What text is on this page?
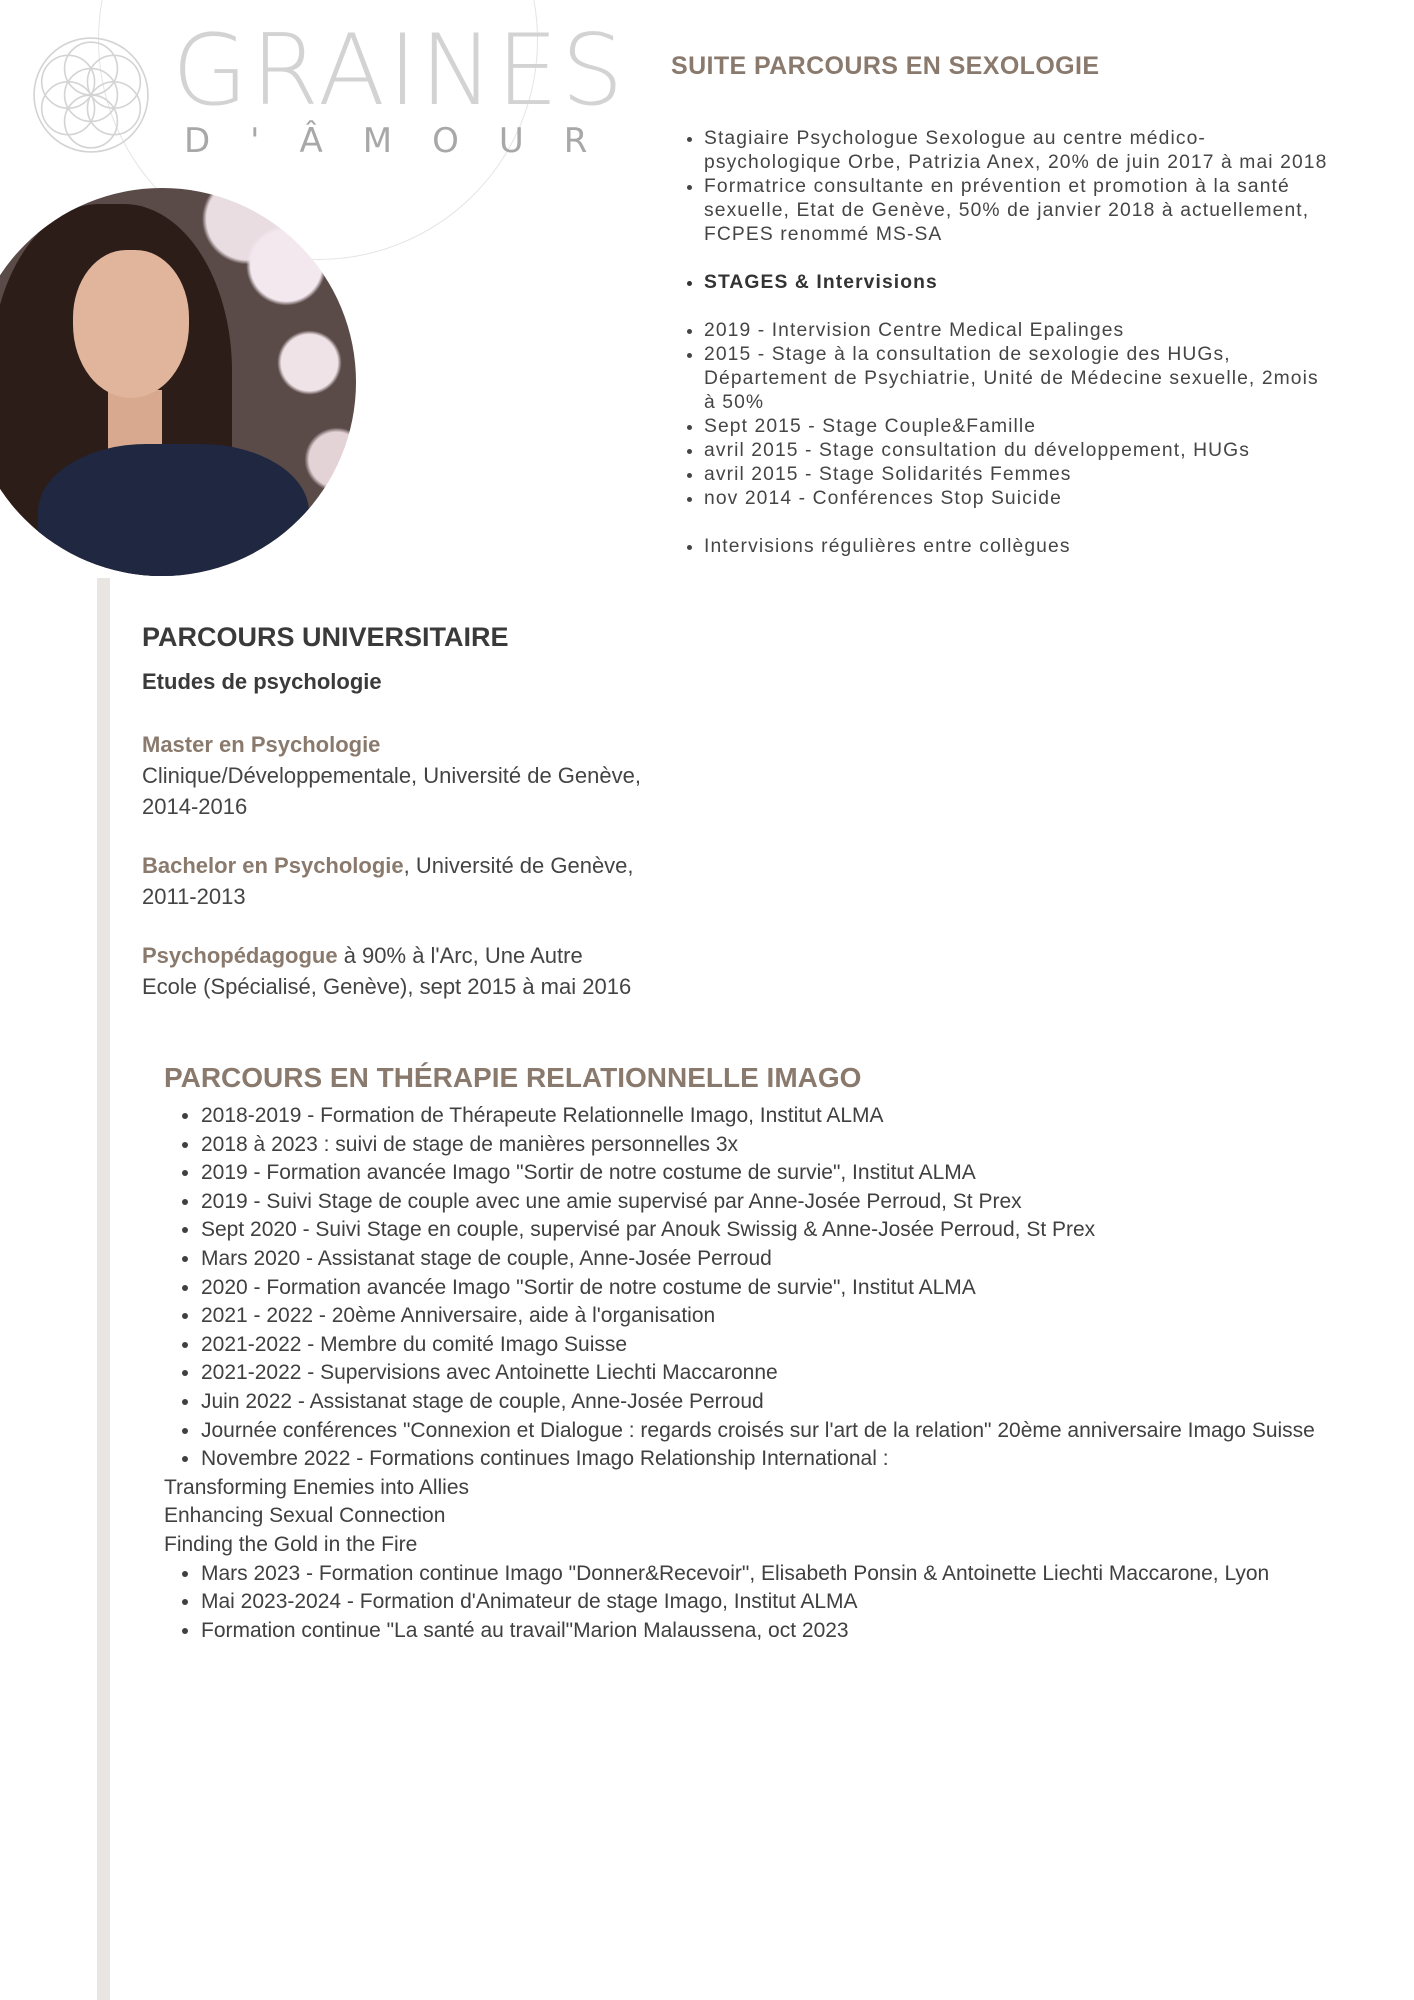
GRAINES
D'ÂMOUR
SUITE PARCOURS EN SEXOLOGIE
• Stagiaire Psychologue Sexologue au centre médico-psychologique Orbe, Patrizia Anex, 20% de juin 2017 à mai 2018
• Formatrice consultante en prévention et promotion à la santé sexuelle, Etat de Genève, 50% de janvier 2018 à actuellement, FCPES renommé MS-SA
• STAGES & Intervisions
• 2019 - Intervision Centre Medical Epalinges
• 2015 - Stage à la consultation de sexologie des HUGs, Département de Psychiatrie, Unité de Médecine sexuelle, 2mois à 50%
• Sept 2015 - Stage Couple&Famille
• avril 2015 - Stage consultation du développement, HUGs
• avril 2015 - Stage Solidarités Femmes
• nov 2014 - Conférences Stop Suicide
• Intervisions régulières entre collègues
PARCOURS UNIVERSITAIRE
Etudes de psychologie

Master en Psychologie
Clinique/Développementale, Université de Genève, 2014-2016

Bachelor en Psychologie, Université de Genève, 2011-2013

Psychopédagogue à 90% à l'Arc, Une Autre Ecole (Spécialisé, Genève), sept 2015 à mai 2016

PARCOURS EN THÉRAPIE RELATIONNELLE IMAGO
• 2018-2019 - Formation de Thérapeute Relationnelle Imago, Institut ALMA
• 2018 à 2023 : suivi de stage de manières personnelles 3x
• 2019 - Formation avancée Imago "Sortir de notre costume de survie", Institut ALMA
• 2019 - Suivi Stage de couple avec une amie supervisé par Anne-Josée Perroud, St Prex
• Sept 2020 - Suivi Stage en couple, supervisé par Anouk Swissig & Anne-Josée Perroud, St Prex
• Mars 2020 - Assistanat stage de couple, Anne-Josée Perroud
• 2020 - Formation avancée Imago "Sortir de notre costume de survie", Institut ALMA
• 2021 - 2022 - 20ème Anniversaire, aide à l'organisation
• 2021-2022 - Membre du comité Imago Suisse
• 2021-2022 - Supervisions avec Antoinette Liechti Maccaronne
• Juin 2022 - Assistanat stage de couple, Anne-Josée Perroud
• Journée conférences "Connexion et Dialogue : regards croisés sur l'art de la relation" 20ème anniversaire Imago Suisse
• Novembre 2022 - Formations continues Imago Relationship International :

Transforming Enemies into Allies

Enhancing Sexual Connection

Finding the Gold in the Fire

• Mars 2023 - Formation continue Imago "Donner&Recevoir", Elisabeth Ponsin & Antoinette Liechti Maccarone, Lyon
• Mai 2023-2024 - Formation d'Animateur de stage Imago, Institut ALMA
• Formation continue "La santé au travail"Marion Malaussena, oct 2023
